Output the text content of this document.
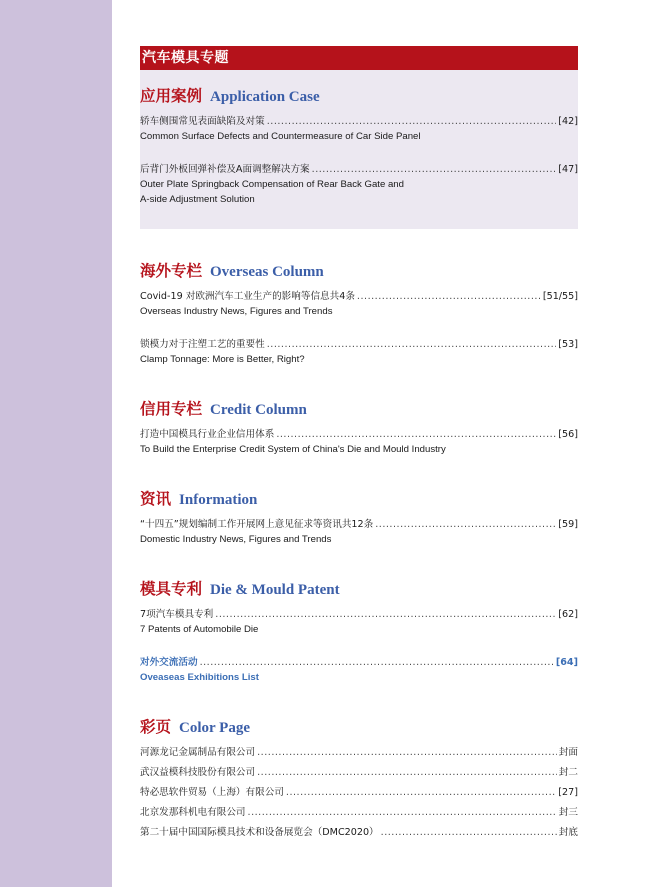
汽车模具专题
应用案例 Application Case
轿车侧围常见表面缺陷及对策 .....	[42]
Common Surface Defects and Countermeasure of Car Side Panel
后背门外板回弹补偿及A面调整解决方案 .....	[47]
Outer Plate Springback Compensation of Rear Back Gate and
A-side Adjustment Solution
海外专栏 Overseas Column
Covid-19 对欧洲汽车工业生产的影响等信息共4条 .....	[51/55]
Overseas Industry News, Figures and Trends
锁模力对于注塑工艺的重要性 .....	[53]
Clamp Tonnage: More is Better, Right?
信用专栏 Credit Column
打造中国模具行业企业信用体系 .....	[56]
To Build the Enterprise Credit System of China's Die and Mould Industry
资讯 Information
“十四五”规划编制工作开展网上意见征求等资讯共12条 .....	[59]
Domestic Industry News, Figures and Trends
模具专利 Die & Mould Patent
7项汽车模具专利 .....	[62]
7 Patents of Automobile Die
对外交流活动 .....	[64]
Oveaseas Exhibitions List
彩页 Color Page
河源龙记金属制品有限公司 .....	封面
武汉益模科技股份有限公司 .....	封二
特必思软件贸易（上海）有限公司 .....	[27]
北京发那科机电有限公司 .....	封三
第二十届中国国际模具技术和设备展览会（DMC2020） .....	封底
